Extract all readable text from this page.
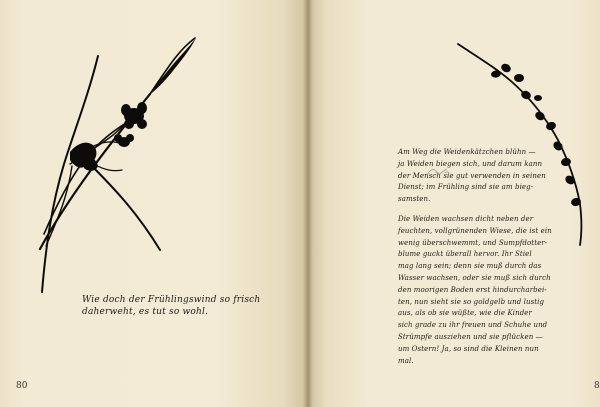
Wie doch der Frühlingswind so frisch
daherweht, es tut so wohl.
80	8
Am Weg die Weidenkätzchen blühn —
ja Weiden biegen sich, und darum kann
der Mensch sie gut verwenden in seinen
Dienst; im Frühling sind sie am bieg-
samsten.
Die Weiden wachsen dicht neben der
feuchten, vollgrünenden Wiese, die ist ein
wenig überschwemmt, und Sumpfdotter-
blume guckt überall hervor. Ihr Stiel
mag lang sein; denn sie muß durch das
Wasser wachsen, oder sie muß sich durch
den moorigen Boden erst hindurcharbei-
ten, nun sieht sie so goldgelb und lustig
aus, als ob sie wüßte, wie die Kinder
sich grade zu ihr freuen und Schuhe und
Strümpfe ausziehen und sie pflücken —
um Ostern! Ja, so sind die Kleinen nun
mal.
